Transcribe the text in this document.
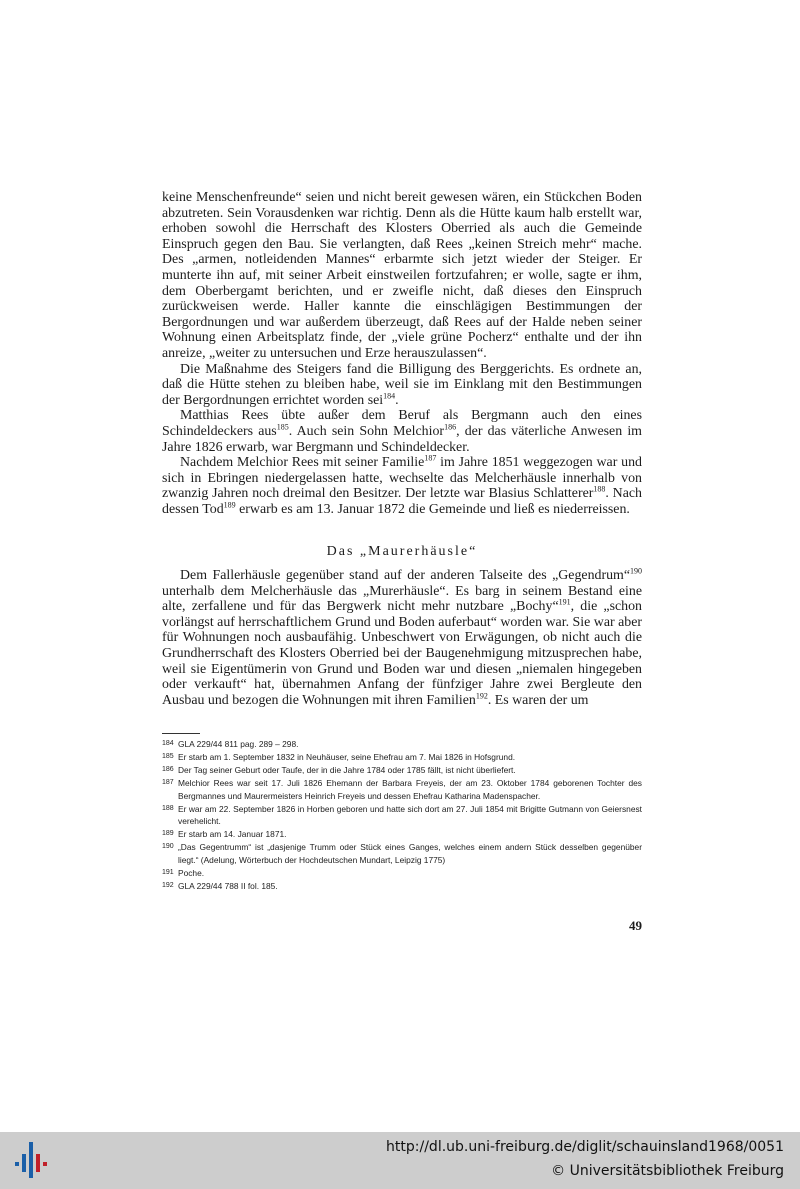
keine Menschenfreunde“ seien und nicht bereit gewesen wären, ein Stückchen Boden abzutreten. Sein Vorausdenken war richtig. Denn als die Hütte kaum halb erstellt war, erhoben sowohl die Herrschaft des Klosters Oberried als auch die Gemeinde Einspruch gegen den Bau. Sie verlangten, daß Rees „keinen Streich mehr“ mache. Des „armen, notleidenden Mannes“ erbarmte sich jetzt wieder der Steiger. Er munterte ihn auf, mit seiner Arbeit einstweilen fortzufahren; er wolle, sagte er ihm, dem Oberbergamt berichten, und er zweifle nicht, daß dieses den Einspruch zurückweisen werde. Haller kannte die einschlägigen Bestimmungen der Bergordnungen und war außerdem überzeugt, daß Rees auf der Halde neben seiner Wohnung einen Arbeitsplatz finde, der „viele grüne Pocherz“ enthalte und der ihn anreize, „weiter zu untersuchen und Erze herauszulassen“.

Die Maßnahme des Steigers fand die Billigung des Berggerichts. Es ordnete an, daß die Hütte stehen zu bleiben habe, weil sie im Einklang mit den Bestimmungen der Bergordnungen errichtet worden sei$^{184}$.

Matthias Rees übte außer dem Beruf als Bergmann auch den eines Schindeldeckers aus$^{185}$. Auch sein Sohn Melchior$^{186}$, der das väterliche Anwesen im Jahre 1826 erwarb, war Bergmann und Schindeldecker.

Nachdem Melchior Rees mit seiner Familie$^{187}$ im Jahre 1851 weggezogen war und sich in Ebringen niedergelassen hatte, wechselte das Melcherhäusle innerhalb von zwanzig Jahren noch dreimal den Besitzer. Der letzte war Blasius Schlatterer$^{188}$. Nach dessen Tod$^{189}$ erwarb es am 13. Januar 1872 die Gemeinde und ließ es niederreissen.

Das „Maurerhäusle“

Dem Fallerhäusle gegenüber stand auf der anderen Talseite des „Gegendrum“$^{190}$ unterhalb dem Melcherhäusle das „Murerhäusle“. Es barg in seinem Bestand eine alte, zerfallene und für das Bergwerk nicht mehr nutzbare „Bochy“$^{191}$, die „schon vorlängst auf herrschaftlichem Grund und Boden auferbaut“ worden war. Sie war aber für Wohnungen noch ausbaufähig. Unbeschwert von Erwägungen, ob nicht auch die Grundherrschaft des Klosters Oberried bei der Baugenehmigung mitzusprechen habe, weil sie Eigentümerin von Grund und Boden war und diesen „niemalen hingegeben oder verkauft“ hat, übernahmen Anfang der fünfziger Jahre zwei Bergleute den Ausbau und bezogen die Wohnungen mit ihren Familien$^{192}$. Es waren der um

184 GLA 229/44 811 pag. 289 – 298.
185 Er starb am 1. September 1832 in Neuhäuser, seine Ehefrau am 7. Mai 1826 in Hofsgrund.
186 Der Tag seiner Geburt oder Taufe, der in die Jahre 1784 oder 1785 fällt, ist nicht überliefert.
187 Melchior Rees war seit 17. Juli 1826 Ehemann der Barbara Freyeis, der am 23. Oktober 1784 geborenen Tochter des Bergmannes und Maurermeisters Heinrich Freyeis und dessen Ehefrau Katharina Madenspacher.
188 Er war am 22. September 1826 in Horben geboren und hatte sich dort am 27. Juli 1854 mit Brigitte Gutmann von Geiersnest verehelicht.
189 Er starb am 14. Januar 1871.
190 „Das Gegentrumm“ ist „dasjenige Trumm oder Stück eines Ganges, welches einem andern Stück desselben gegenüber liegt.“ (Adelung, Wörterbuch der Hochdeutschen Mundart, Leipzig 1775)
191 Poche.
192 GLA 229/44 788 II fol. 185.
49
http://dl.ub.uni-freiburg.de/diglit/schauinsland1968/0051
© Universitätsbibliothek Freiburg
